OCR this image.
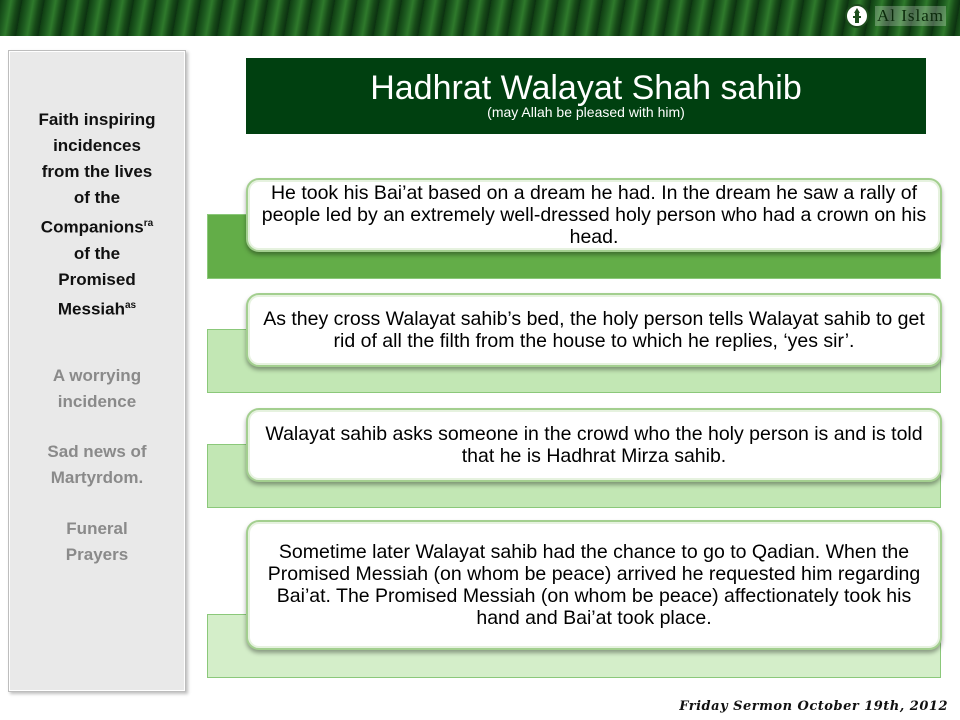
Al Islam
Faith inspiring
incidences
from the lives
of the
Companions$^{ra}$
of the
Promised
Messiah$^{as}$
A worrying
incidence
Sad news of
Martyrdom.
Funeral
Prayers
Hadhrat Walayat Shah sahib
(may Allah be pleased with him)
He took his Bai’at based on a dream he had. In the dream he saw a rally of people led by an extremely well-dressed holy person who had a crown on his head.
As they cross Walayat sahib’s bed, the holy person tells Walayat sahib to get rid of all the filth from the house to which he replies, ‘yes sir’.
Walayat sahib asks someone in the crowd who the holy person is and is told that he is Hadhrat Mirza sahib.
Sometime later Walayat sahib had the chance to go to Qadian. When the Promised Messiah (on whom be peace) arrived he requested him regarding Bai’at. The Promised Messiah (on whom be peace) affectionately took his hand and Bai’at took place.
Friday Sermon October 19th, 2012
